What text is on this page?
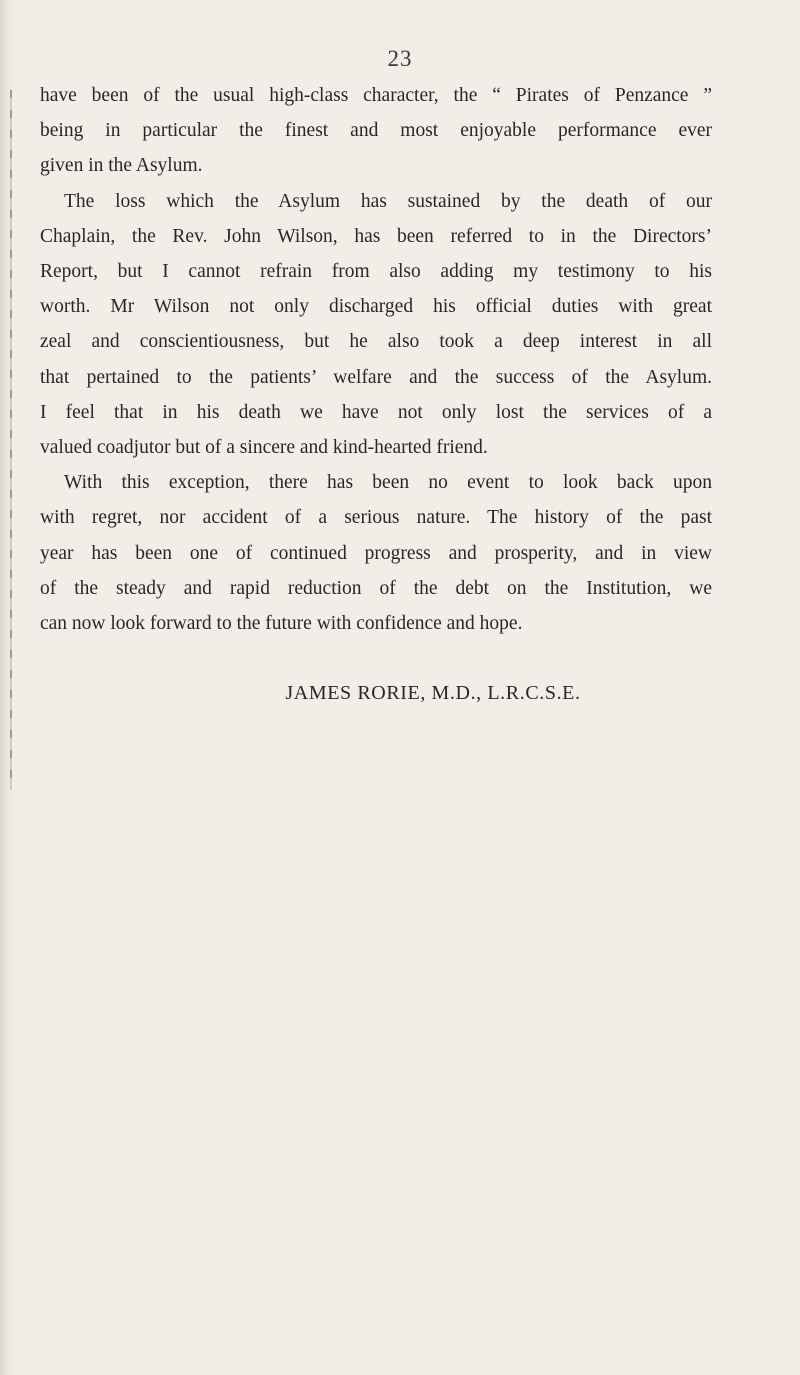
23
have been of the usual high-class character, the “ Pirates of Penzance ”
being in particular the finest and most enjoyable performance ever
given in the Asylum.
The loss which the Asylum has sustained by the death of our
Chaplain, the Rev. John Wilson, has been referred to in the Directors’
Report, but I cannot refrain from also adding my testimony to his
worth. Mr Wilson not only discharged his official duties with great
zeal and conscientiousness, but he also took a deep interest in all
that pertained to the patients’ welfare and the success of the Asylum.
I feel that in his death we have not only lost the services of a
valued coadjutor but of a sincere and kind-hearted friend.
With this exception, there has been no event to look back upon
with regret, nor accident of a serious nature. The history of the past
year has been one of continued progress and prosperity, and in view
of the steady and rapid reduction of the debt on the Institution, we
can now look forward to the future with confidence and hope.
JAMES RORIE, M.D., L.R.C.S.E.
